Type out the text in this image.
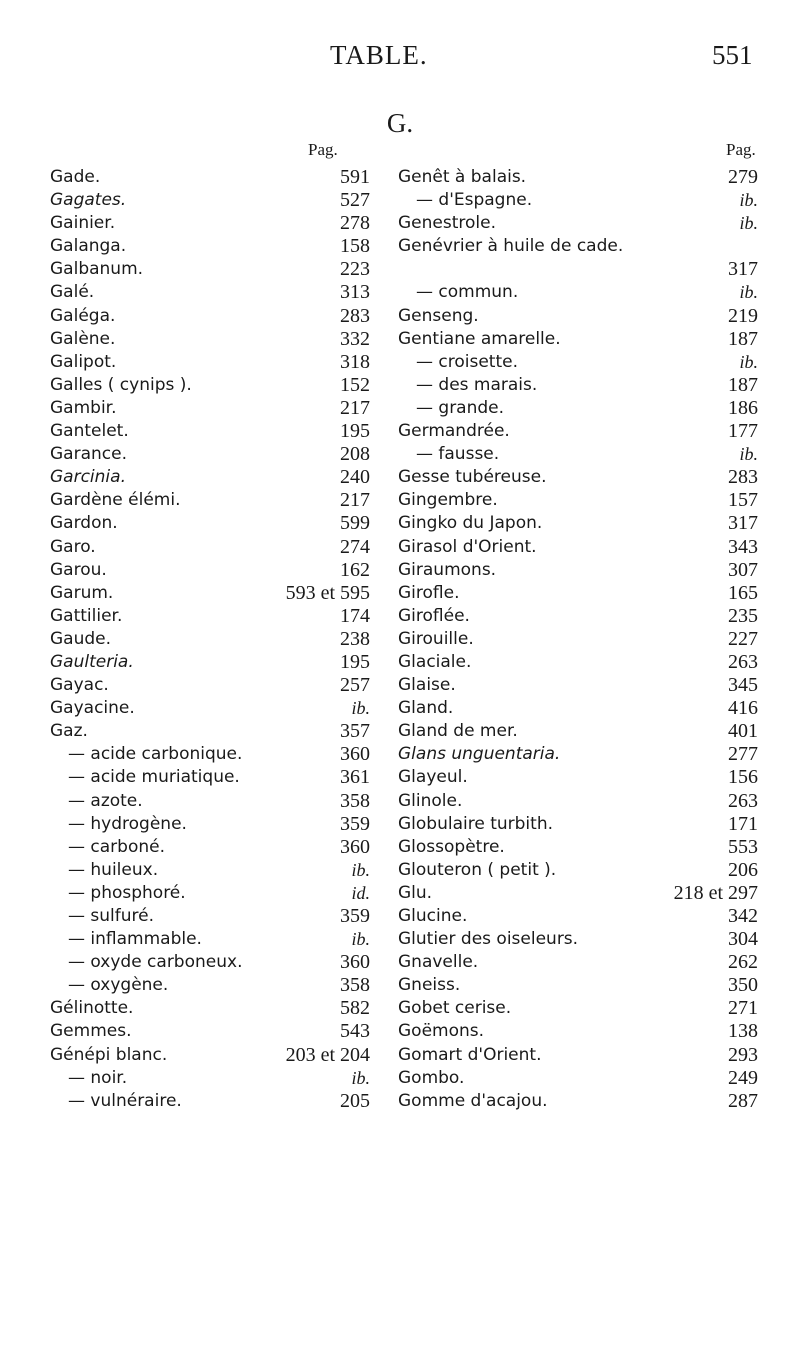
TABLE.	551
G.
Pag.
Gade.	591
Gagates.	527
Gainier.	278
Galanga.	158
Galbanum.	223
Galé.	313
Galéga.	283
Galène.	332
Galipot.	318
Galles ( cynips ).	152
Gambir.	217
Gantelet.	195
Garance.	208
Garcinia.	240
Gardène élémi.	217
Gardon.	599
Garo.	274
Garou.	162
Garum.	593 et 595
Gattilier.	174
Gaude.	238
Gaulteria.	195
Gayac.	257
Gayacine.	ib.
Gaz.	357
— acide carbonique.	360
— acide muriatique.	361
— azote.	358
— hydrogène.	359
— carboné.	360
— huileux.	ib.
— phosphoré.	id.
— sulfuré.	359
— inflammable.	ib.
— oxyde carboneux.	360
— oxygène.	358
Gélinotte.	582
Gemmes.	543
Génépi blanc.	203 et 204
— noir.	ib.
— vulnéraire.	205
Pag.
Genêt à balais.	279
— d'Espagne.	ib.
Genestrole.	ib.
Genévrier à huile de cade.
317
— commun.	ib.
Genseng.	219
Gentiane amarelle.	187
— croisette.	ib.
— des marais.	187
— grande.	186
Germandrée.	177
— fausse.	ib.
Gesse tubéreuse.	283
Gingembre.	157
Gingko du Japon.	317
Girasol d'Orient.	343
Giraumons.	307
Girofle.	165
Giroflée.	235
Girouille.	227
Glaciale.	263
Glaise.	345
Gland.	416
Gland de mer.	401
Glans unguentaria.	277
Glayeul.	156
Glinole.	263
Globulaire turbith.	171
Glossopètre.	553
Glouteron ( petit ).	206
Glu.	218 et 297
Glucine.	342
Glutier des oiseleurs.	304
Gnavelle.	262
Gneiss.	350
Gobet cerise.	271
Goëmons.	138
Gomart d'Orient.	293
Gombo.	249
Gomme d'acajou.	287
